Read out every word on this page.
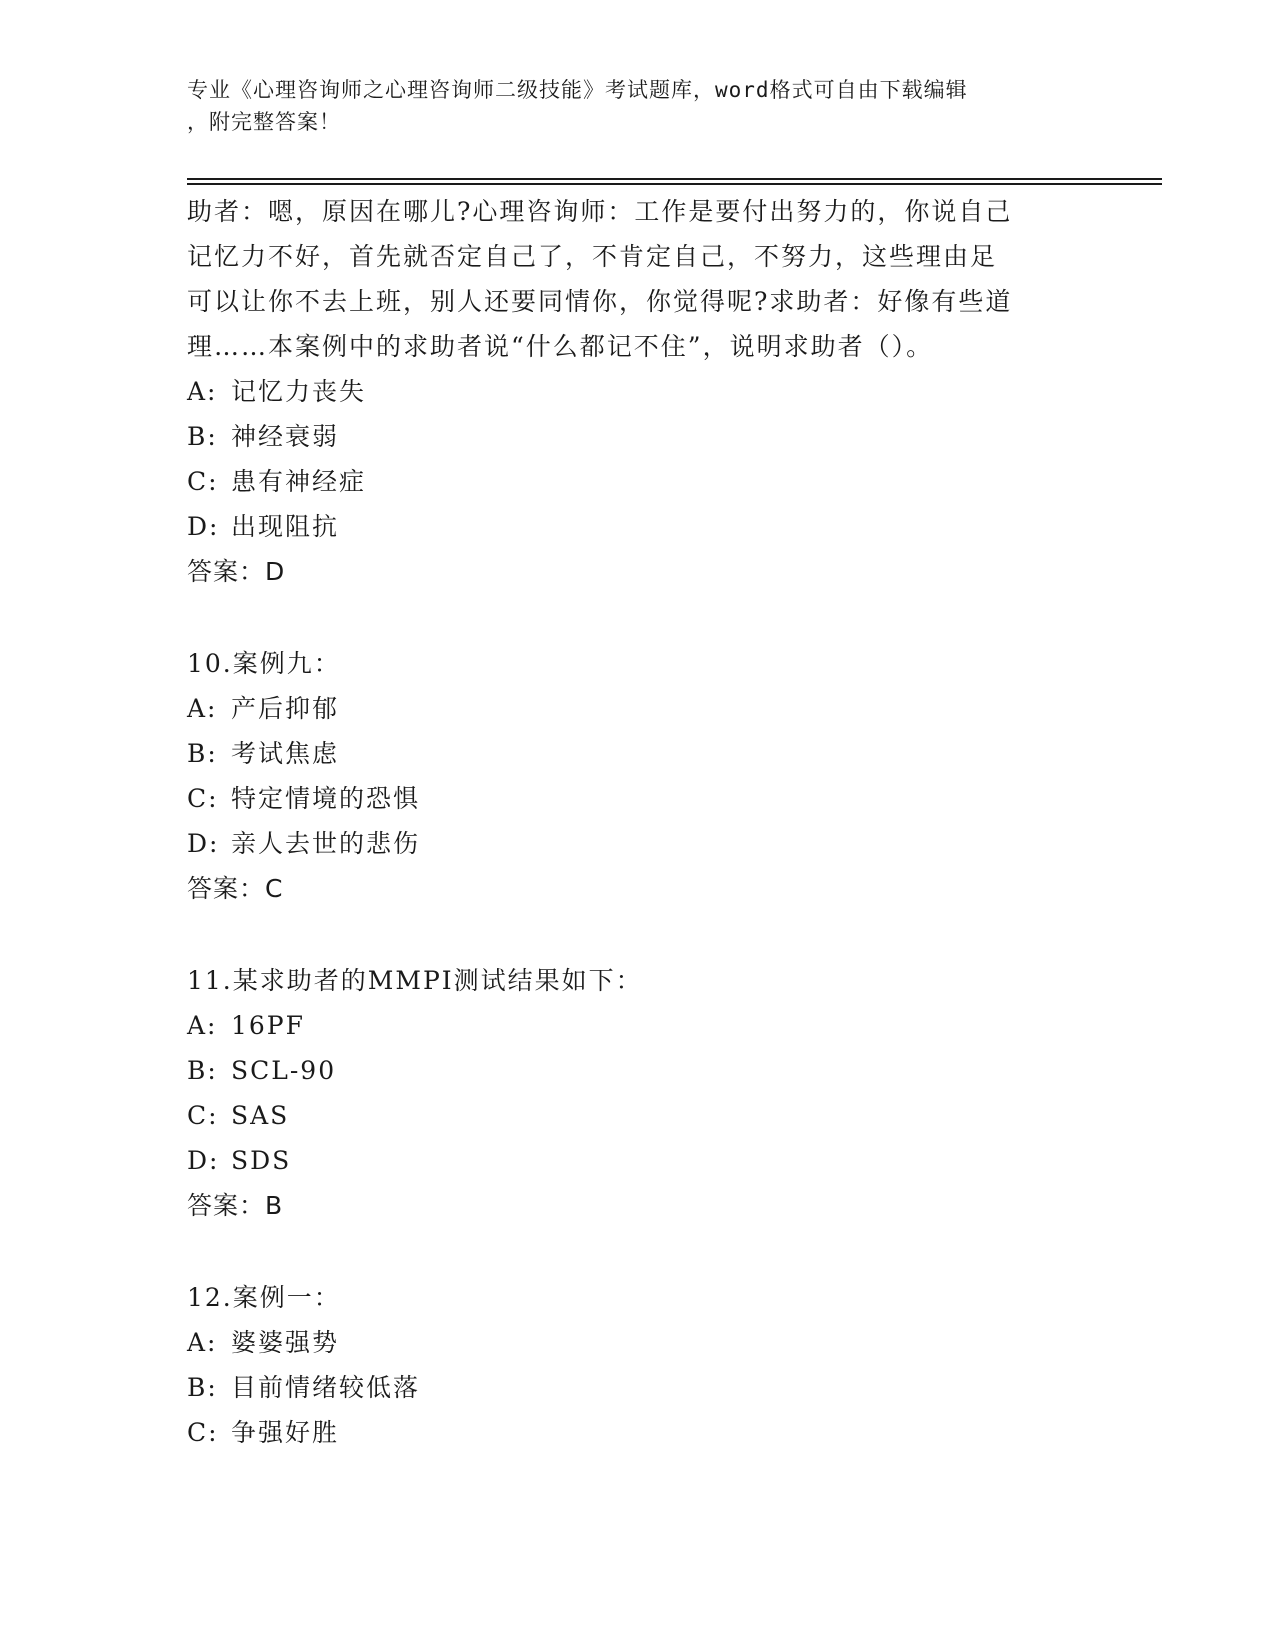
专业《心理咨询师之心理咨询师二级技能》考试题库，word格式可自由下载编辑
，附完整答案！
助者：嗯，原因在哪儿?心理咨询师：工作是要付出努力的，你说自己
记忆力不好，首先就否定自己了，不肯定自己，不努力，这些理由足
可以让你不去上班，别人还要同情你，你觉得呢?求助者：好像有些道
理……本案例中的求助者说“什么都记不住”，说明求助者（）。
A: 记忆力丧失
B: 神经衰弱
C: 患有神经症
D: 出现阻抗
答案：D
10.案例九：
A: 产后抑郁
B: 考试焦虑
C: 特定情境的恐惧
D: 亲人去世的悲伤
答案：C
11.某求助者的MMPI测试结果如下：
A: 16PF
B: SCL-90
C: SAS
D: SDS
答案：B
12.案例一：
A: 婆婆强势
B: 目前情绪较低落
C: 争强好胜
